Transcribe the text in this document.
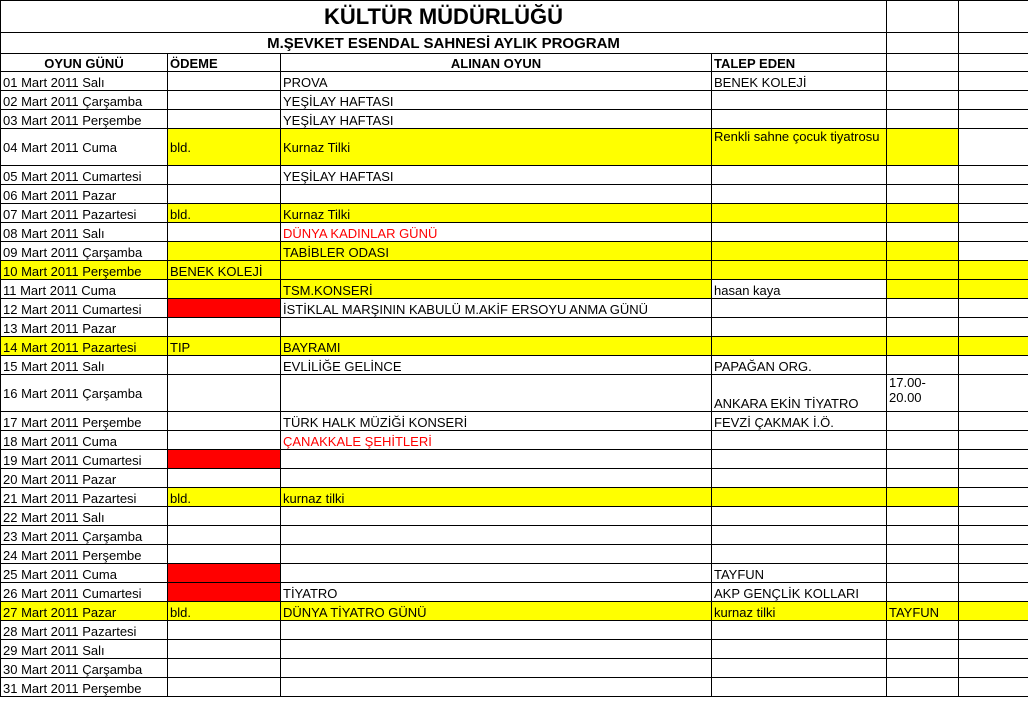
KÜLTÜR MÜDÜRLÜĞÜ					
M.ŞEVKET ESENDAL SAHNESİ AYLIK PROGRAM					
OYUN GÜNÜ	ÖDEME	ALINAN OYUN	TALEP EDEN		
01 Mart 2011 Salı		PROVA	BENEK KOLEJİ		
02 Mart 2011 Çarşamba		YEŞİLAY HAFTASI			
03 Mart 2011 Perşembe		YEŞİLAY HAFTASI			
04 Mart 2011 Cuma	bld.	Kurnaz Tilki	Renkli sahne çocuk tiyatrosu		
05 Mart 2011 Cumartesi		YEŞİLAY HAFTASI			
06 Mart 2011 Pazar					
07 Mart 2011 Pazartesi	bld.	Kurnaz Tilki			
08 Mart 2011 Salı		DÜNYA KADINLAR GÜNÜ			
09 Mart 2011 Çarşamba		TABİBLER ODASI			
10 Mart 2011 Perşembe	BENEK KOLEJİ				
11 Mart 2011 Cuma		TSM.KONSERİ	hasan kaya		
12 Mart 2011 Cumartesi		İSTİKLAL MARŞININ KABULÜ M.AKİF ERSOYU ANMA GÜNÜ			
13 Mart 2011 Pazar					
14 Mart 2011 Pazartesi	TIP	BAYRAMI			
15 Mart 2011 Salı		EVLİLİĞE GELİNCE	PAPAĞAN ORG.		
16 Mart 2011 Çarşamba			ANKARA EKİN TİYATRO	17.00-20.00	
17 Mart 2011 Perşembe		TÜRK HALK MÜZİĞİ KONSERİ	FEVZİ ÇAKMAK İ.Ö.		
18 Mart 2011 Cuma		ÇANAKKALE ŞEHİTLERİ			
19 Mart 2011 Cumartesi					
20 Mart 2011 Pazar					
21 Mart 2011 Pazartesi	bld.	kurnaz tilki			
22 Mart 2011 Salı					
23 Mart 2011 Çarşamba					
24 Mart 2011 Perşembe					
25 Mart 2011 Cuma			TAYFUN		
26 Mart 2011 Cumartesi		TİYATRO	AKP GENÇLİK KOLLARI		
27 Mart 2011 Pazar	bld.	DÜNYA TİYATRO GÜNÜ	kurnaz tilki	TAYFUN	
28 Mart 2011 Pazartesi					
29 Mart 2011 Salı					
30 Mart 2011 Çarşamba					
31 Mart 2011 Perşembe					
